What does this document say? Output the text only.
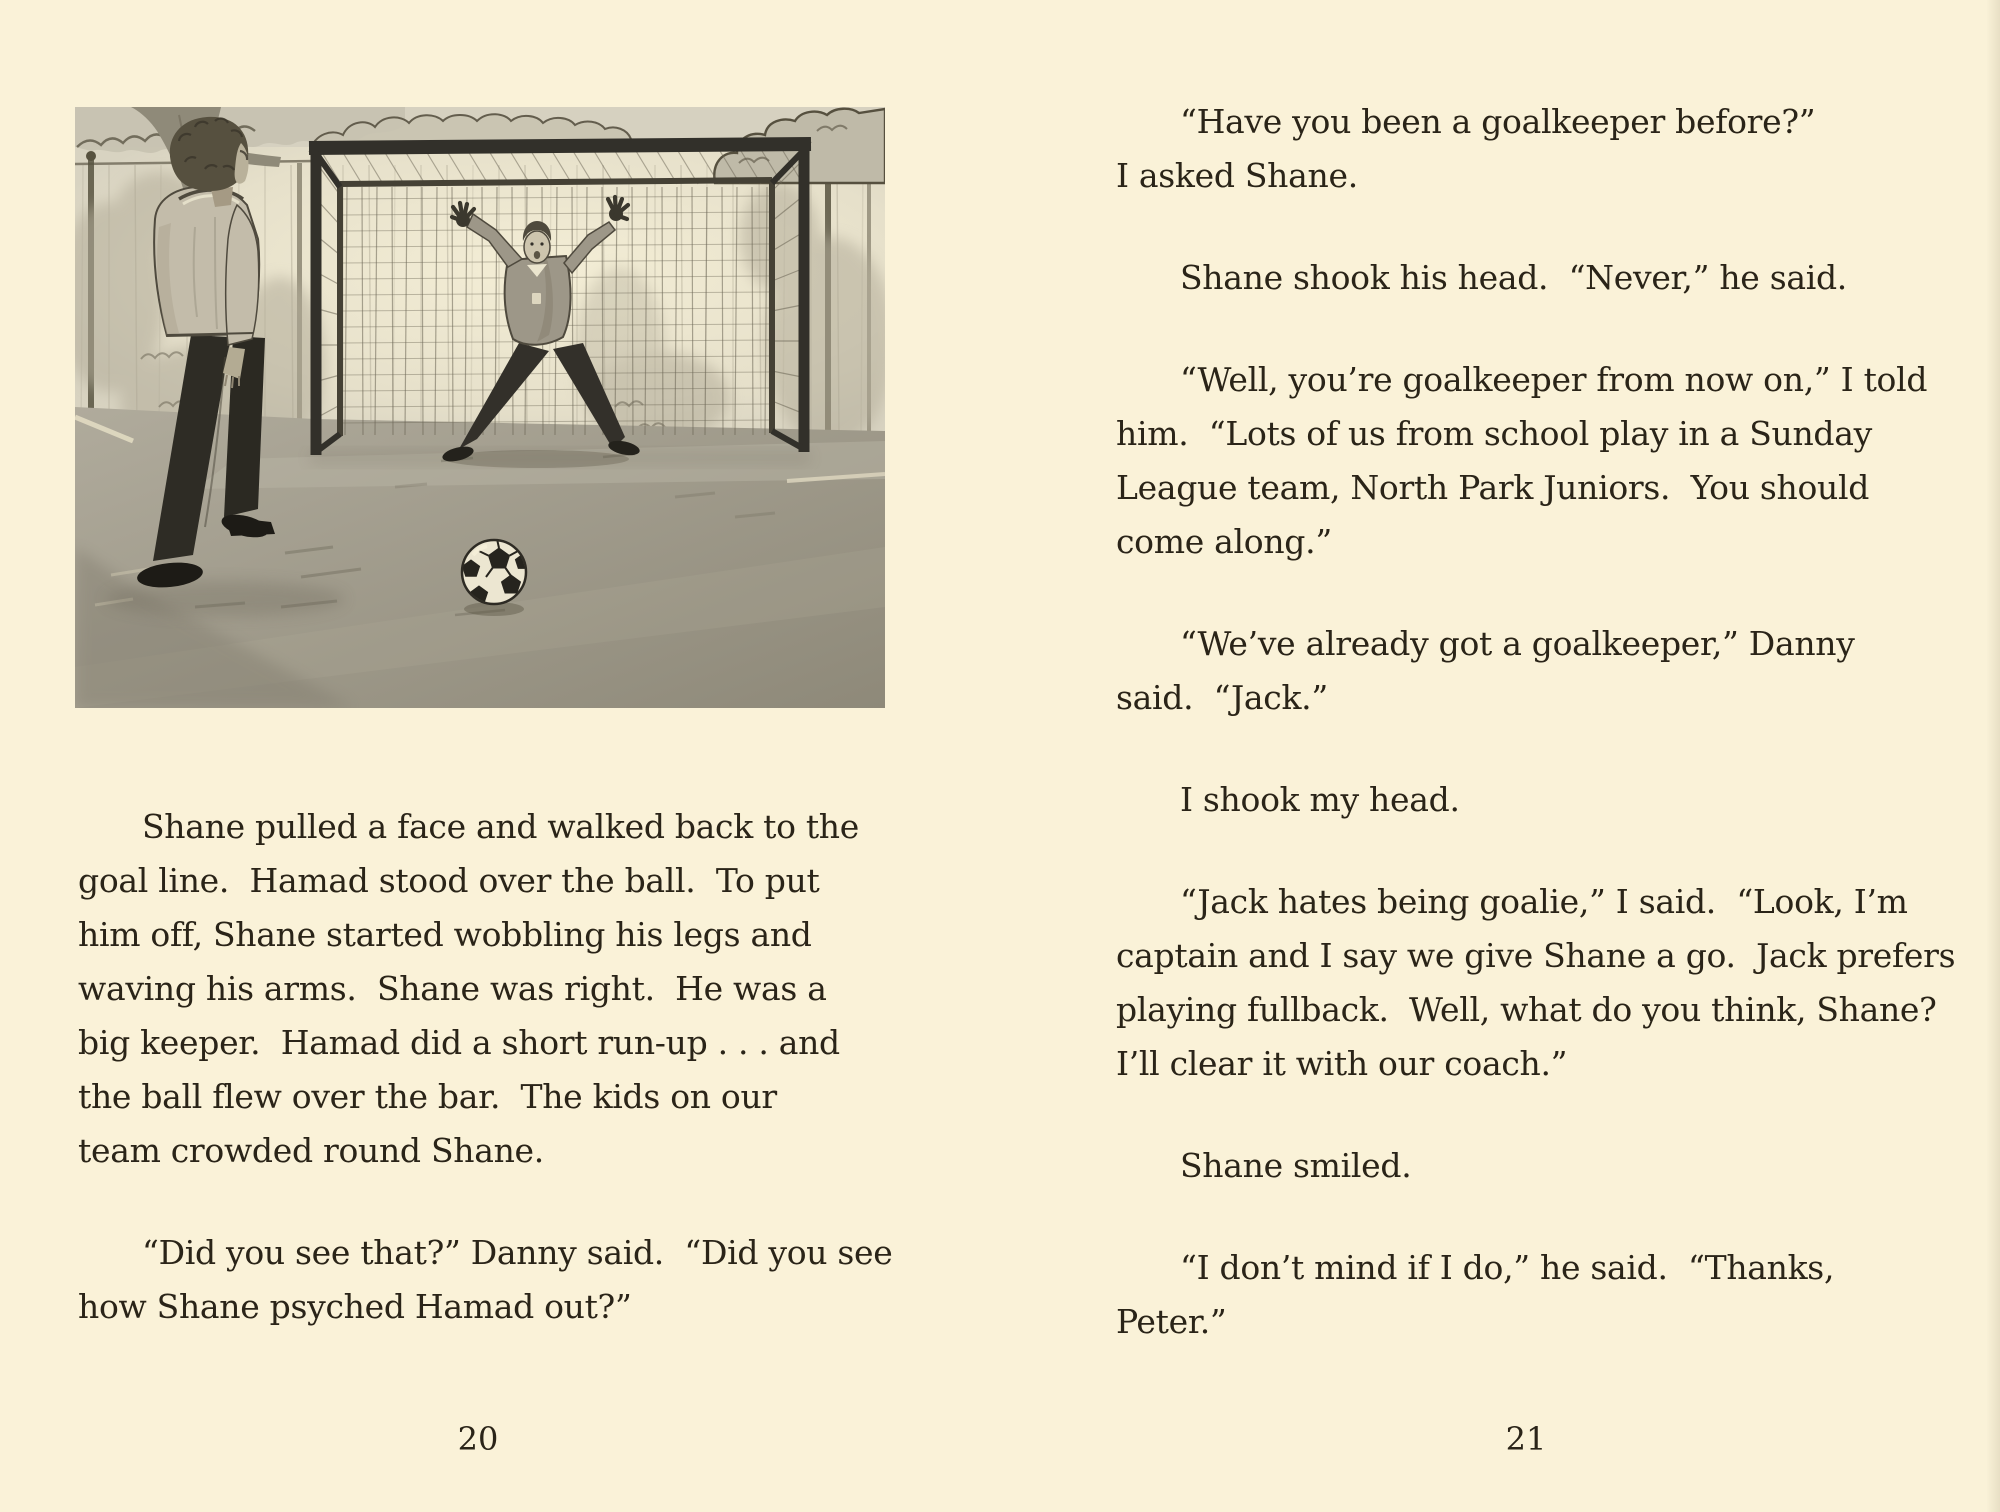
Shane pulled a face and walked back to the
goal line.  Hamad stood over the ball.  To put
him off, Shane started wobbling his legs and
waving his arms.  Shane was right.  He was a
big keeper.  Hamad did a short run-up . . . and
the ball flew over the bar.  The kids on our
team crowded round Shane.
“Did you see that?” Danny said.  “Did you see
how Shane psyched Hamad out?”
20
“Have you been a goalkeeper before?”
I asked Shane.
Shane shook his head.  “Never,” he said.
“Well, you’re goalkeeper from now on,” I told
him.  “Lots of us from school play in a Sunday
League team, North Park Juniors.  You should
come along.”
“We’ve already got a goalkeeper,” Danny
said.  “Jack.”
I shook my head.
“Jack hates being goalie,” I said.  “Look, I’m
captain and I say we give Shane a go.  Jack prefers
playing fullback.  Well, what do you think, Shane?
I’ll clear it with our coach.”
Shane smiled.
“I don’t mind if I do,” he said.  “Thanks,
Peter.”
21
